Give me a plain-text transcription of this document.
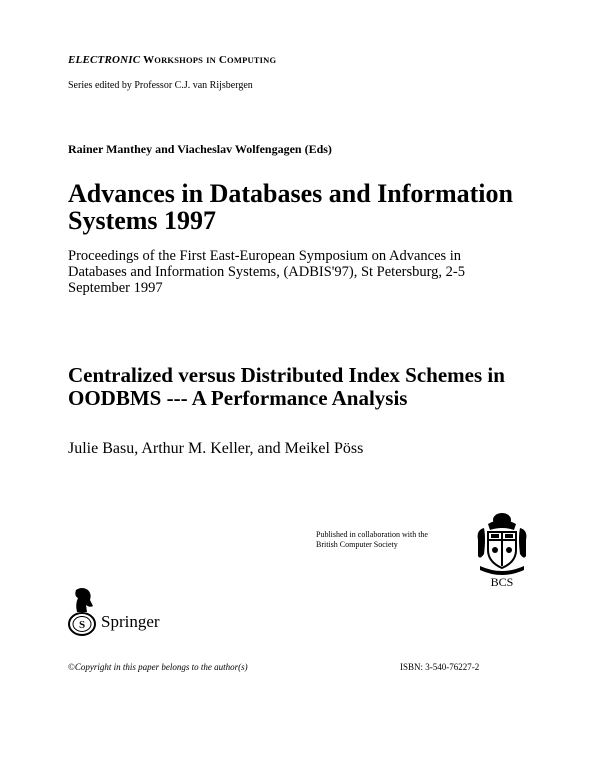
ELECTRONIC WORKSHOPS IN COMPUTING
Series edited by Professor C.J. van Rijsbergen
Rainer Manthey and Viacheslav Wolfengagen (Eds)
Advances in Databases and Information Systems 1997
Proceedings of the First East-European Symposium on Advances in Databases and Information Systems, (ADBIS'97), St Petersburg, 2-5 September 1997
Centralized versus Distributed Index Schemes in OODBMS --- A Performance Analysis
Julie Basu, Arthur M. Keller, and Meikel Pöss
Published in collaboration with the
British Computer Society
BCS
S Springer
©Copyright in this paper belongs to the author(s)	ISBN: 3-540-76227-2
